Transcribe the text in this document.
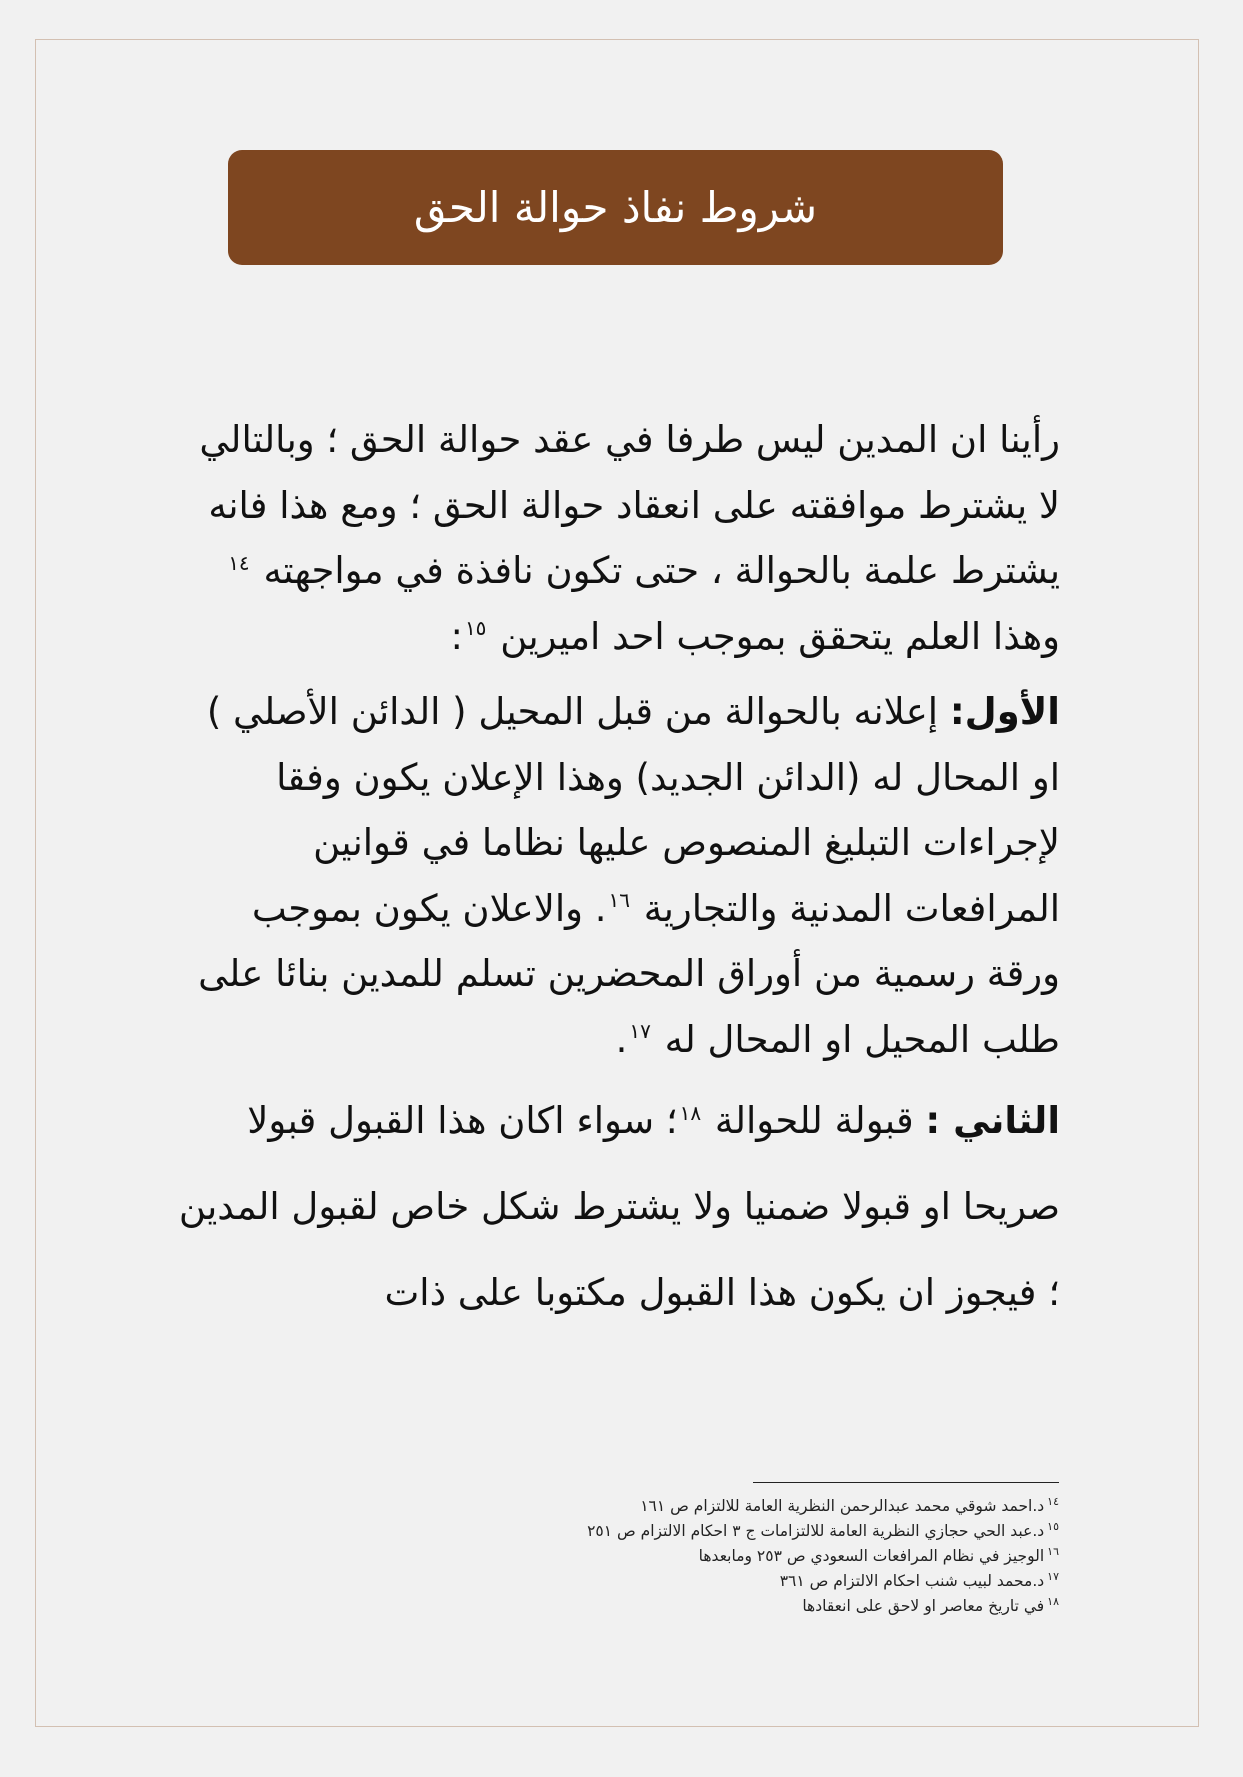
شروط نفاذ حوالة الحق

رأينا ان المدين ليس طرفا في عقد حوالة الحق ؛ وبالتالي لا يشترط موافقته على انعقاد حوالة الحق ؛ ومع هذا فانه يشترط علمة بالحوالة ، حتى تكون نافذة في مواجهته $^{١٤}$ وهذا العلم يتحقق بموجب احد اميرين $^{١٥}$:

الأول: إعلانه بالحوالة من قبل المحيل ( الدائن الأصلي ) او المحال له (الدائن الجديد) وهذا الإعلان يكون وفقا لإجراءات التبليغ المنصوص عليها نظاما في قوانين المرافعات المدنية والتجارية $^{١٦}$. والاعلان يكون بموجب ورقة رسمية من أوراق المحضرين تسلم للمدين بنائا على طلب المحيل او المحال له $^{١٧}$.

الثاني : قبولة للحوالة $^{١٨}$؛ سواء اكان هذا القبول قبولا صريحا او قبولا ضمنيا ولا يشترط شكل خاص لقبول المدين ؛ فيجوز ان يكون هذا القبول مكتوبا على ذات

$^{١٤}$د.احمد شوقي محمد عبدالرحمن النظرية العامة للالتزام ص ١٦١
$^{١٥}$د.عبد الحي حجازي النظرية العامة للالتزامات ج ٣ احكام الالتزام ص ٢٥١
$^{١٦}$الوجيز في نظام المرافعات السعودي ص ٢٥٣ ومابعدها
$^{١٧}$د.محمد لبيب شنب احكام الالتزام ص ٣٦١
$^{١٨}$في تاريخ معاصر او لاحق على انعقادها
